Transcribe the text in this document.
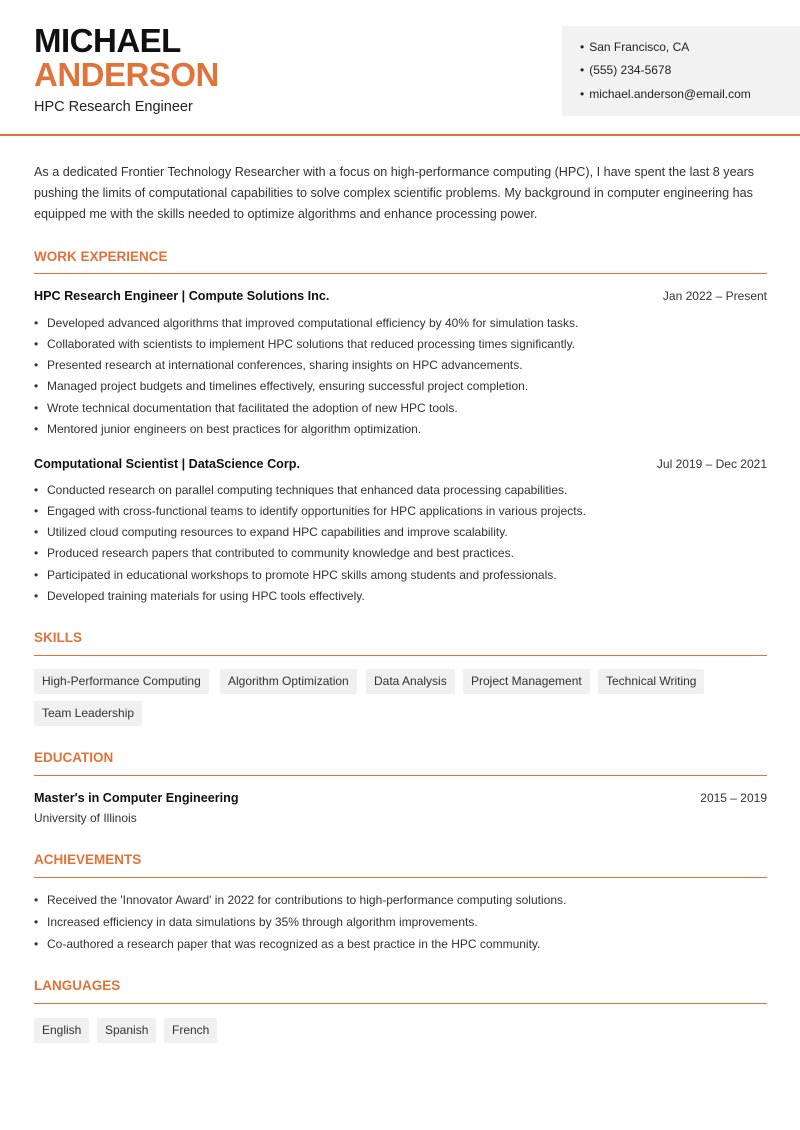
MICHAEL
ANDERSON
HPC Research Engineer
• San Francisco, CA
• (555) 234-5678
• michael.anderson@email.com
As a dedicated Frontier Technology Researcher with a focus on high-performance computing (HPC), I have spent the last 8 years pushing the limits of computational capabilities to solve complex scientific problems. My background in computer engineering has equipped me with the skills needed to optimize algorithms and enhance processing power.
WORK EXPERIENCE
HPC Research Engineer | Compute Solutions Inc.	Jan 2022 – Present
• Developed advanced algorithms that improved computational efficiency by 40% for simulation tasks.
• Collaborated with scientists to implement HPC solutions that reduced processing times significantly.
• Presented research at international conferences, sharing insights on HPC advancements.
• Managed project budgets and timelines effectively, ensuring successful project completion.
• Wrote technical documentation that facilitated the adoption of new HPC tools.
• Mentored junior engineers on best practices for algorithm optimization.
Computational Scientist | DataScience Corp.	Jul 2019 – Dec 2021
• Conducted research on parallel computing techniques that enhanced data processing capabilities.
• Engaged with cross-functional teams to identify opportunities for HPC applications in various projects.
• Utilized cloud computing resources to expand HPC capabilities and improve scalability.
• Produced research papers that contributed to community knowledge and best practices.
• Participated in educational workshops to promote HPC skills among students and professionals.
• Developed training materials for using HPC tools effectively.
SKILLS
High-Performance Computing	Algorithm Optimization	Data Analysis	Project Management	Technical Writing
Team Leadership
EDUCATION
Master's in Computer Engineering	2015 – 2019
University of Illinois
ACHIEVEMENTS
• Received the 'Innovator Award' in 2022 for contributions to high-performance computing solutions.
• Increased efficiency in data simulations by 35% through algorithm improvements.
• Co-authored a research paper that was recognized as a best practice in the HPC community.
LANGUAGES
English	Spanish	French
